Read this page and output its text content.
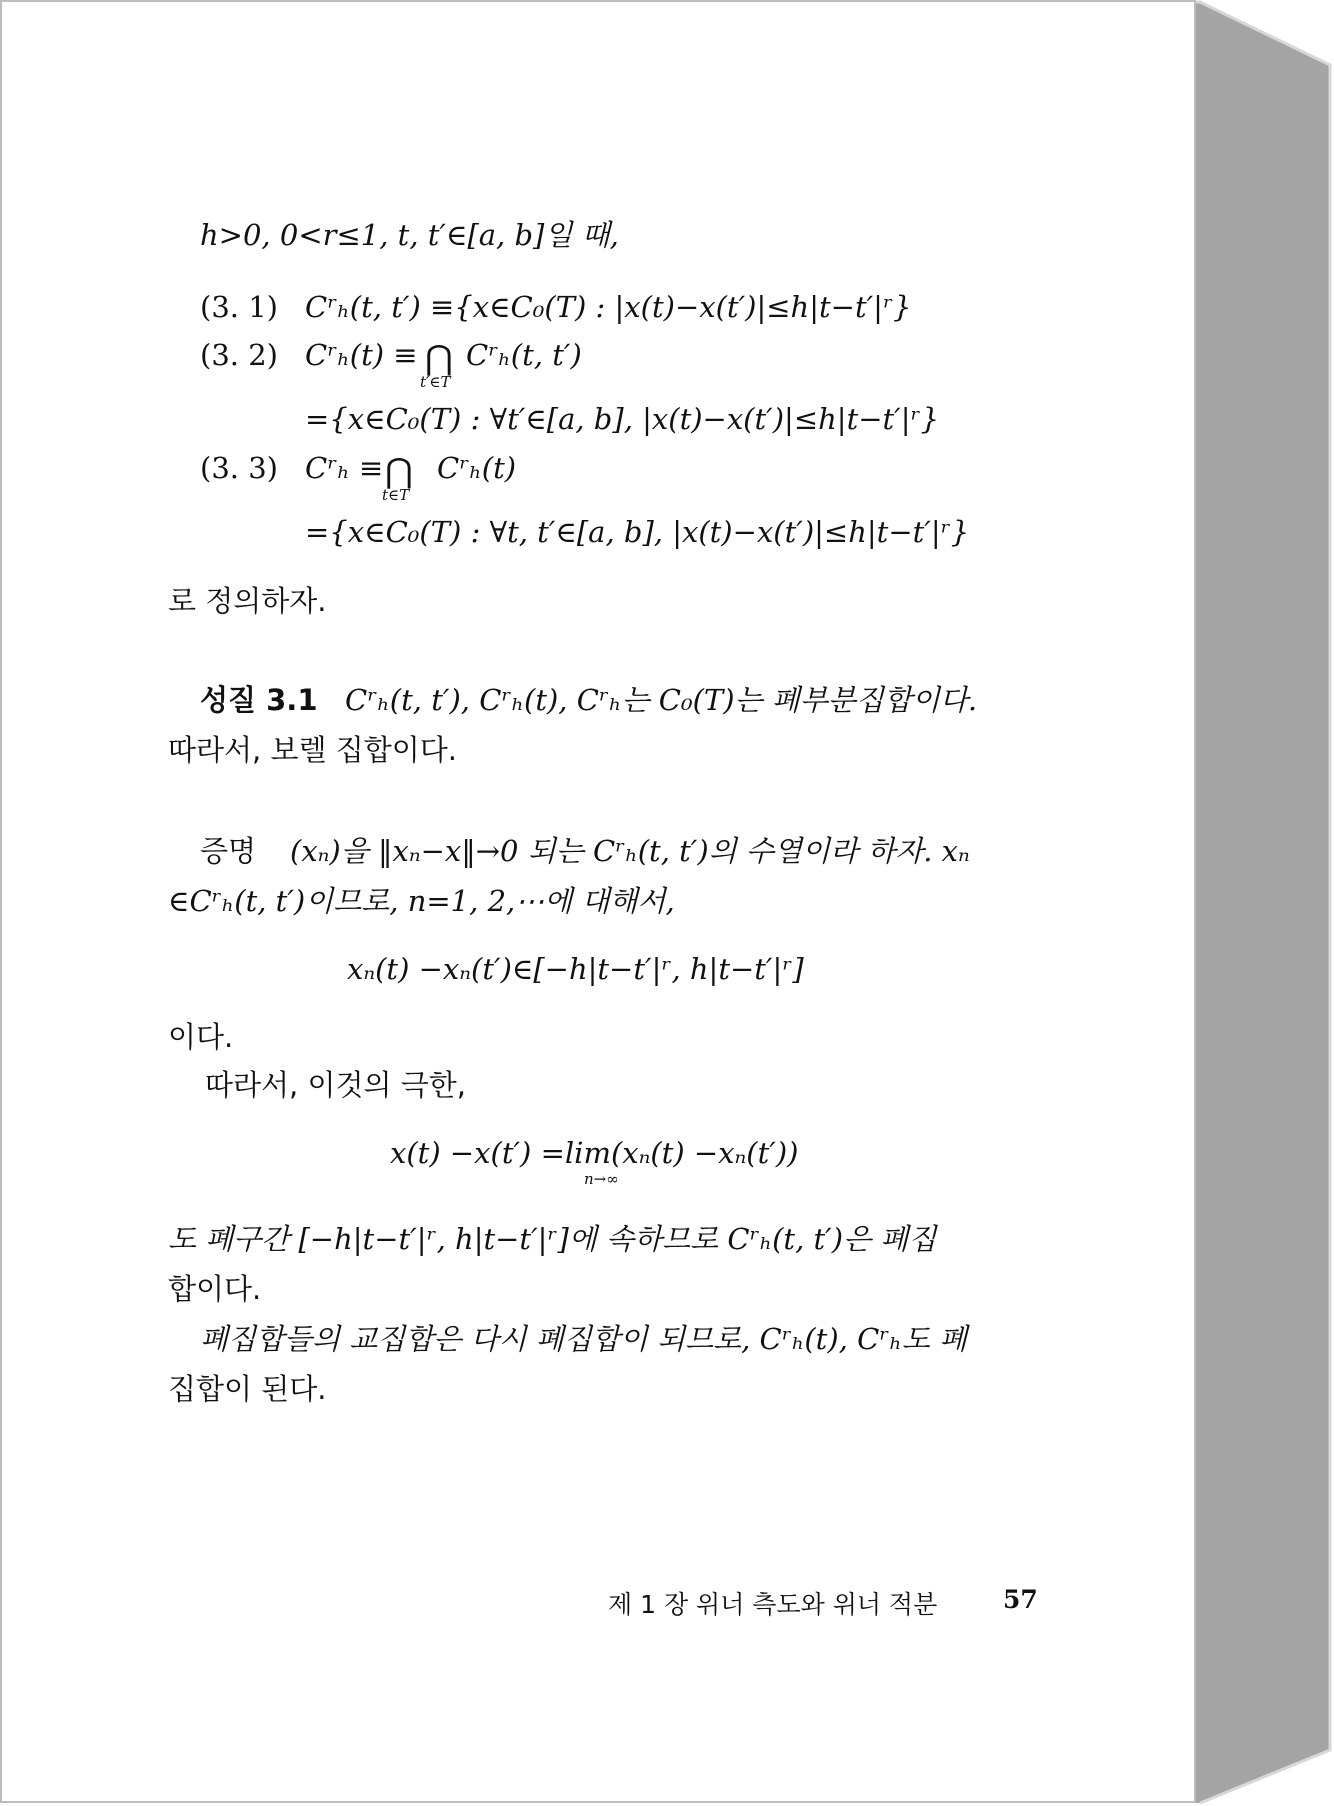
h>0, 0<r≤1, t, t′∈[a, b]일 때,
(3. 1) Cʳₕ(t, t′) ≡{x∈C₀(T) : |x(t)−x(t′)|≤h|t−t′|ʳ}
(3. 2) Cʳₕ(t) ≡ ⋂
t′∈T
Cʳₕ(t, t′)
={x∈C₀(T) : ∀t′∈[a, b], |x(t)−x(t′)|≤h|t−t′|ʳ}
(3. 3) Cʳₕ ≡ ⋂
t∈T
Cʳₕ(t)
={x∈C₀(T) : ∀t, t′∈[a, b], |x(t)−x(t′)|≤h|t−t′|ʳ}
로 정의하자.
성질 3.1 Cʳₕ(t, t′), Cʳₕ(t), Cʳₕ는 C₀(T)는 폐부분집합이다.
따라서, 보렐 집합이다.
증명 (xₙ)을 ‖xₙ−x‖→0 되는 Cʳₕ(t, t′)의 수열이라 하자. xₙ
∈Cʳₕ(t, t′)이므로, n=1, 2,⋯에 대해서,
xₙ(t) −xₙ(t′)∈[−h|t−t′|ʳ, h|t−t′|ʳ]
이다.
따라서, 이것의 극한,
x(t) −x(t′) =lim(xₙ(t) −xₙ(t′))
n→∞
도 폐구간 [−h|t−t′|ʳ, h|t−t′|ʳ]에 속하므로 Cʳₕ(t, t′)은 폐집
합이다.
폐집합들의 교집합은 다시 폐집합이 되므로, Cʳₕ(t), Cʳₕ도 폐
집합이 된다.
제 1 장 위너 측도와 위너 적분	57
